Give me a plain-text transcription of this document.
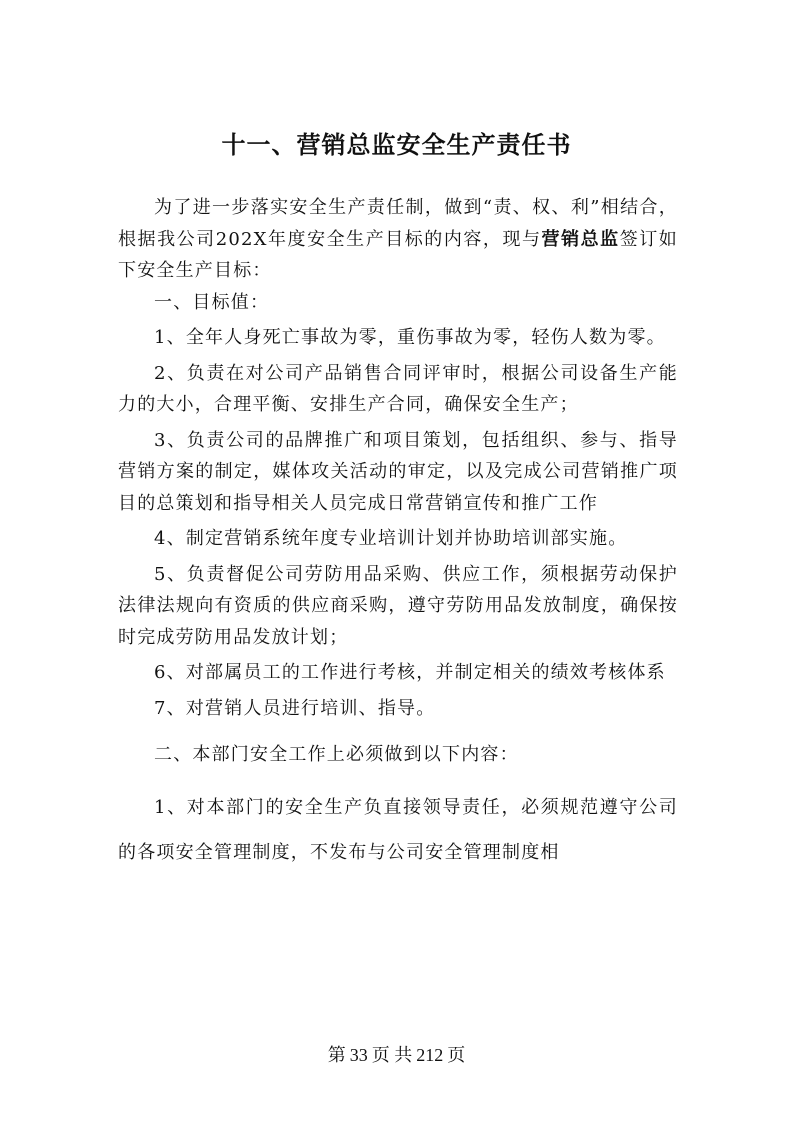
十一、营销总监安全生产责任书

为了进一步落实安全生产责任制，做到“责、权、利”相结合，根据我公司202X年度安全生产目标的内容，现与营销总监签订如下安全生产目标：

一、目标值：

1、全年人身死亡事故为零，重伤事故为零，轻伤人数为零。

2、负责在对公司产品销售合同评审时，根据公司设备生产能力的大小，合理平衡、安排生产合同，确保安全生产；

3、负责公司的品牌推广和项目策划，包括组织、参与、指导营销方案的制定，媒体攻关活动的审定，以及完成公司营销推广项目的总策划和指导相关人员完成日常营销宣传和推广工作

4、制定营销系统年度专业培训计划并协助培训部实施。

5、负责督促公司劳防用品采购、供应工作，须根据劳动保护法律法规向有资质的供应商采购，遵守劳防用品发放制度，确保按时完成劳防用品发放计划；

6、对部属员工的工作进行考核，并制定相关的绩效考核体系

7、对营销人员进行培训、指导。

二、本部门安全工作上必须做到以下内容：

1、对本部门的安全生产负直接领导责任，必须规范遵守公司的各项安全管理制度，不发布与公司安全管理制度相

第 33 页 共 212 页
